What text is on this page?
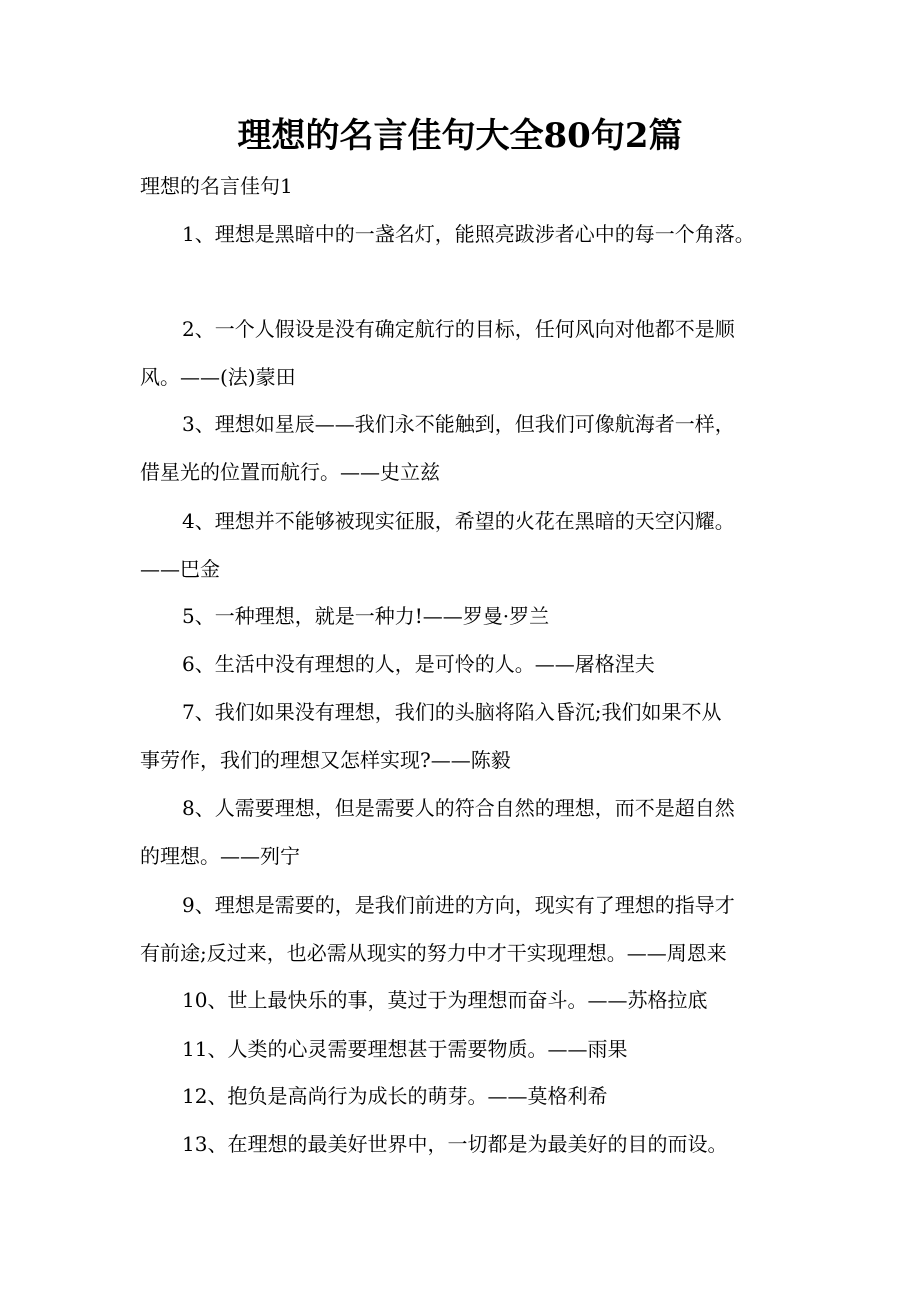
理想的名言佳句大全80句2篇
理想的名言佳句1
1、理想是黑暗中的一盏名灯，能照亮跋涉者心中的每一个角落。
2、一个人假设是没有确定航行的目标，任何风向对他都不是顺
风。——(法)蒙田
3、理想如星辰——我们永不能触到，但我们可像航海者一样，
借星光的位置而航行。——史立兹
4、理想并不能够被现实征服，希望的火花在黑暗的天空闪耀。
——巴金
5、一种理想，就是一种力!——罗曼·罗兰
6、生活中没有理想的人，是可怜的人。——屠格涅夫
7、我们如果没有理想，我们的头脑将陷入昏沉;我们如果不从
事劳作，我们的理想又怎样实现?——陈毅
8、人需要理想，但是需要人的符合自然的理想，而不是超自然
的理想。——列宁
9、理想是需要的，是我们前进的方向，现实有了理想的指导才
有前途;反过来，也必需从现实的努力中才干实现理想。——周恩来
10、世上最快乐的事，莫过于为理想而奋斗。——苏格拉底
11、人类的心灵需要理想甚于需要物质。——雨果
12、抱负是高尚行为成长的萌芽。——莫格利希
13、在理想的最美好世界中，一切都是为最美好的目的而设。
